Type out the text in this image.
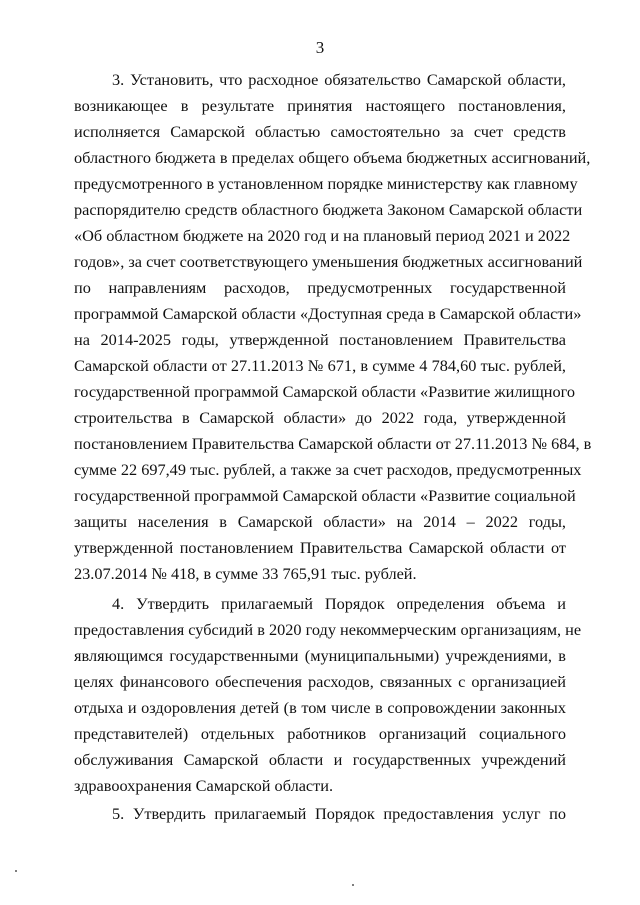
3
3. Установить, что расходное обязательство Самарской области,
возникающее в результате принятия настоящего постановления,
исполняется Самарской областью самостоятельно за счет средств
областного бюджета в пределах общего объема бюджетных ассигнований,
предусмотренного в установленном порядке министерству как главному
распорядителю средств областного бюджета Законом Самарской области
«Об областном бюджете на 2020 год и на плановый период 2021 и 2022
годов», за счет соответствующего уменьшения бюджетных ассигнований
по направлениям расходов, предусмотренных государственной
программой Самарской области «Доступная среда в Самарской области»
на 2014-2025 годы, утвержденной постановлением Правительства
Самарской области от 27.11.2013 № 671, в сумме 4 784,60 тыс. рублей,
государственной программой Самарской области «Развитие жилищного
строительства в Самарской области» до 2022 года, утвержденной
постановлением Правительства Самарской области от 27.11.2013 № 684, в
сумме 22 697,49 тыс. рублей, а также за счет расходов, предусмотренных
государственной программой Самарской области «Развитие социальной
защиты населения в Самарской области» на 2014 – 2022 годы,
утвержденной постановлением Правительства Самарской области от
23.07.2014 № 418, в сумме 33 765,91 тыс. рублей.
4. Утвердить прилагаемый Порядок определения объема и
предоставления субсидий в 2020 году некоммерческим организациям, не
являющимся государственными (муниципальными) учреждениями, в
целях финансового обеспечения расходов, связанных с организацией
отдыха и оздоровления детей (в том числе в сопровождении законных
представителей) отдельных работников организаций социального
обслуживания Самарской области и государственных учреждений
здравоохранения Самарской области.
5. Утвердить прилагаемый Порядок предоставления услуг по
